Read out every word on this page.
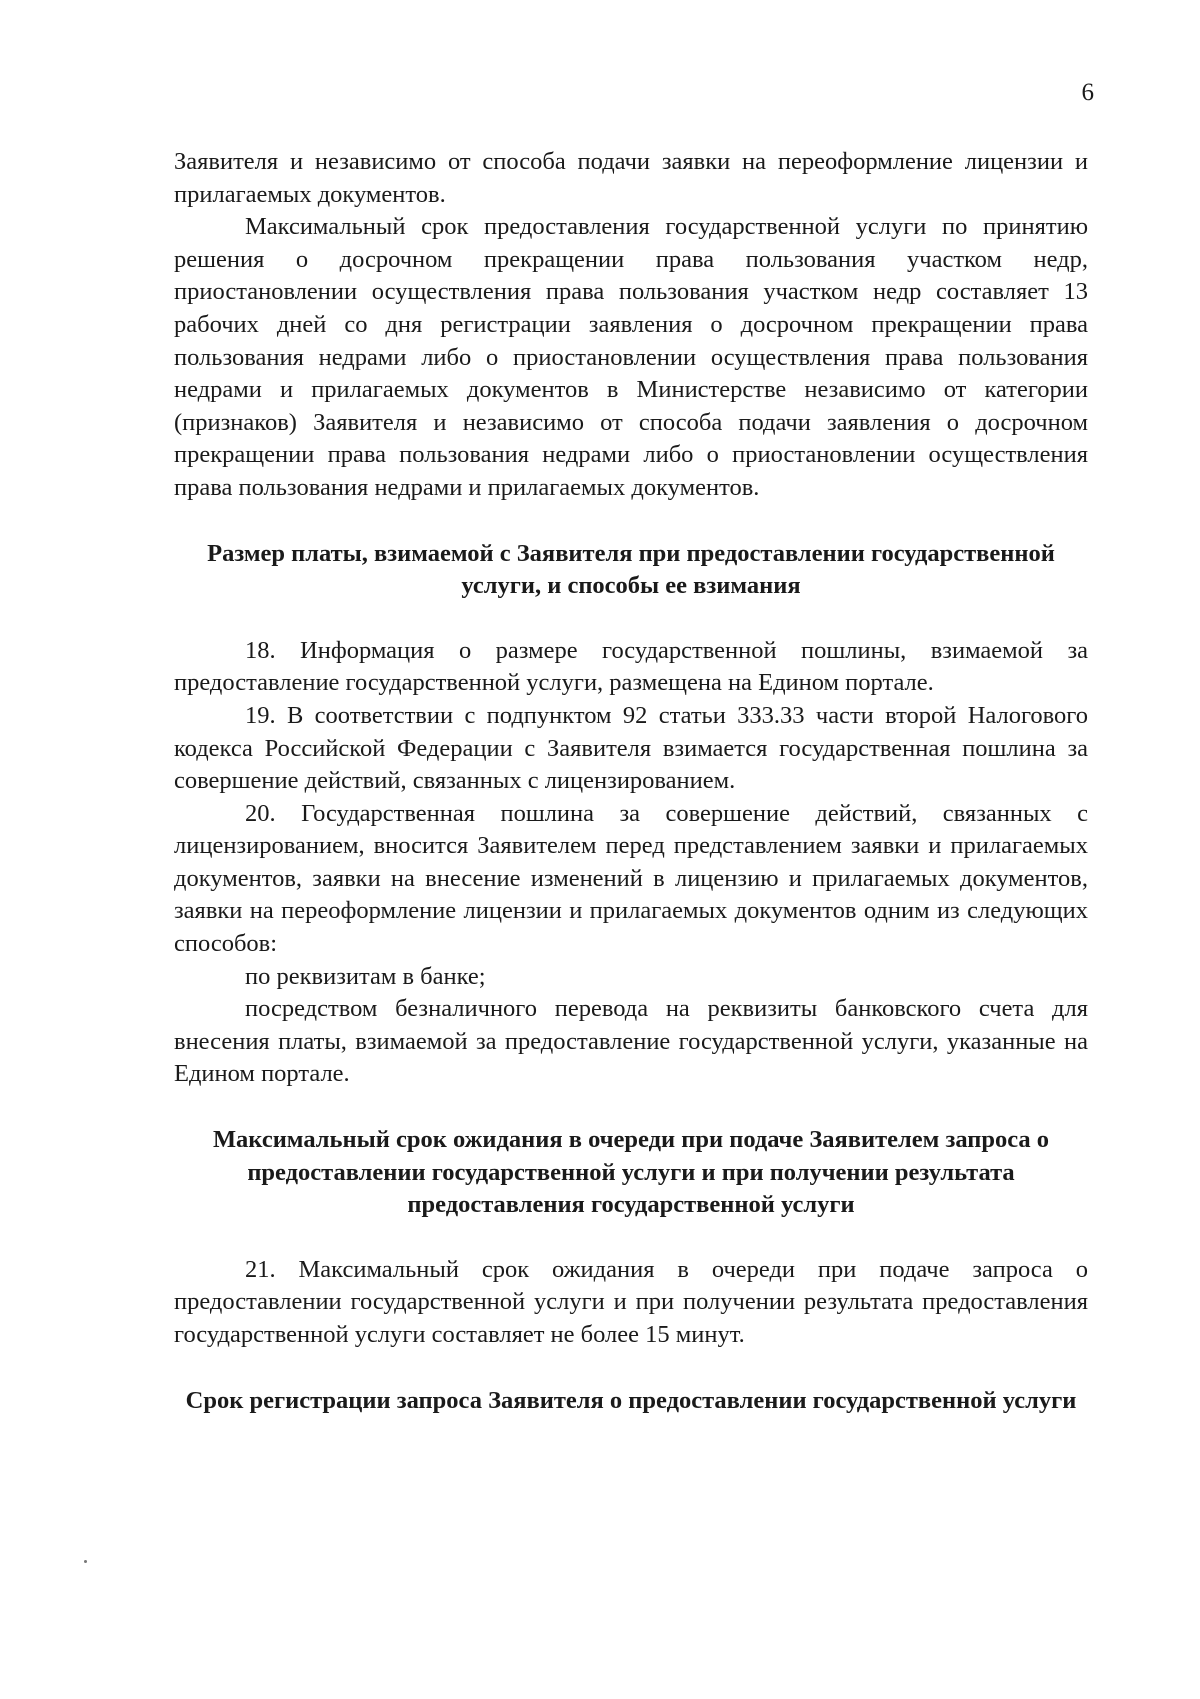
6

Заявителя и независимо от способа подачи заявки на переоформление лицензии и прилагаемых документов.

Максимальный срок предоставления государственной услуги по принятию решения о досрочном прекращении права пользования участком недр, приостановлении осуществления права пользования участком недр составляет 13 рабочих дней со дня регистрации заявления о досрочном прекращении права пользования недрами либо о приостановлении осуществления права пользования недрами и прилагаемых документов в Министерстве независимо от категории (признаков) Заявителя и независимо от способа подачи заявления о досрочном прекращении права пользования недрами либо о приостановлении осуществления права пользования недрами и прилагаемых документов.

Размер платы, взимаемой с Заявителя при предоставлении государственной услуги, и способы ее взимания

18. Информация о размере государственной пошлины, взимаемой за предоставление государственной услуги, размещена на Едином портале.

19. В соответствии с подпунктом 92 статьи 333.33 части второй Налогового кодекса Российской Федерации с Заявителя взимается государственная пошлина за совершение действий, связанных с лицензированием.

20. Государственная пошлина за совершение действий, связанных с лицензированием, вносится Заявителем перед представлением заявки и прилагаемых документов, заявки на внесение изменений в лицензию и прилагаемых документов, заявки на переоформление лицензии и прилагаемых документов одним из следующих способов:

по реквизитам в банке;

посредством безналичного перевода на реквизиты банковского счета для внесения платы, взимаемой за предоставление государственной услуги, указанные на Едином портале.

Максимальный срок ожидания в очереди при подаче Заявителем запроса о предоставлении государственной услуги и при получении результата предоставления государственной услуги

21. Максимальный срок ожидания в очереди при подаче запроса о предоставлении государственной услуги и при получении результата предоставления государственной услуги составляет не более 15 минут.

Срок регистрации запроса Заявителя о предоставлении государственной услуги
